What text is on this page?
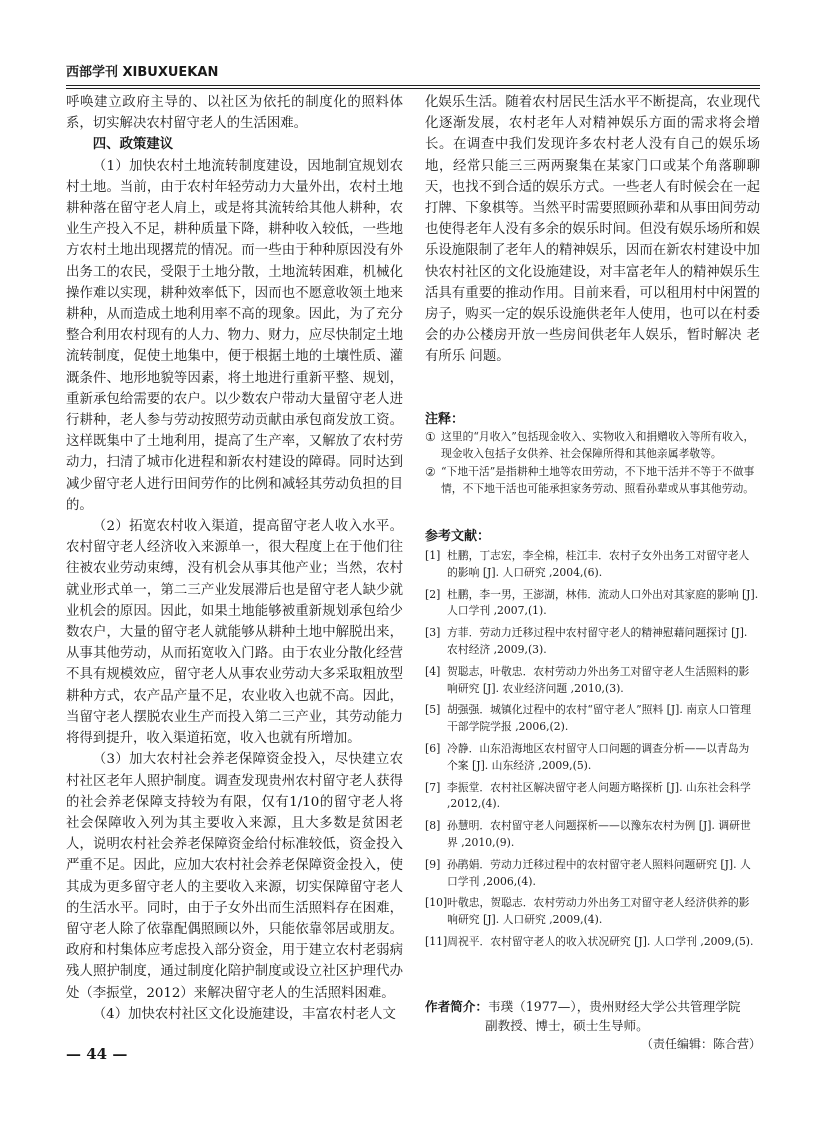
西部学刊 XIBUXUEKAN

呼唤建立政府主导的、以社区为依托的制度化的照料体系，切实解决农村留守老人的生活困难。

四、政策建议

（1）加快农村土地流转制度建设，因地制宜规划农村土地。当前，由于农村年轻劳动力大量外出，农村土地耕种落在留守老人肩上，或是将其流转给其他人耕种，农业生产投入不足，耕种质量下降，耕种收入较低，一些地方农村土地出现撂荒的情况。而一些由于种种原因没有外出务工的农民，受限于土地分散，土地流转困难，机械化操作难以实现，耕种效率低下，因而也不愿意收领土地来耕种，从而造成土地利用率不高的现象。因此，为了充分整合利用农村现有的人力、物力、财力，应尽快制定土地流转制度，促使土地集中，便于根据土地的土壤性质、灌溉条件、地形地貌等因素，将土地进行重新平整、规划，重新承包给需要的农户。以少数农户带动大量留守老人进行耕种，老人参与劳动按照劳动贡献由承包商发放工资。这样既集中了土地利用，提高了生产率，又解放了农村劳动力，扫清了城市化进程和新农村建设的障碍。同时达到减少留守老人进行田间劳作的比例和减轻其劳动负担的目的。

（2）拓宽农村收入渠道，提高留守老人收入水平。农村留守老人经济收入来源单一，很大程度上在于他们往往被农业劳动束缚，没有机会从事其他产业；当然，农村就业形式单一，第二三产业发展滞后也是留守老人缺少就业机会的原因。因此，如果土地能够被重新规划承包给少数农户，大量的留守老人就能够从耕种土地中解脱出来，从事其他劳动，从而拓宽收入门路。由于农业分散化经营不具有规模效应，留守老人从事农业劳动大多采取粗放型耕种方式，农产品产量不足，农业收入也就不高。因此，当留守老人摆脱农业生产而投入第二三产业，其劳动能力将得到提升，收入渠道拓宽，收入也就有所增加。

（3）加大农村社会养老保障资金投入，尽快建立农村社区老年人照护制度。调查发现贵州农村留守老人获得的社会养老保障支持较为有限，仅有1/10的留守老人将社会保障收入列为其主要收入来源，且大多数是贫困老人，说明农村社会养老保障资金给付标准较低，资金投入严重不足。因此，应加大农村社会养老保障资金投入，使其成为更多留守老人的主要收入来源，切实保障留守老人的生活水平。同时，由于子女外出而生活照料存在困难，留守老人除了依靠配偶照顾以外，只能依靠邻居或朋友。政府和村集体应考虑投入部分资金，用于建立农村老弱病残人照护制度，通过制度化陪护制度或设立社区护理代办处（李振堂，2012）来解决留守老人的生活照料困难。

（4）加快农村社区文化设施建设，丰富农村老人文

化娱乐生活。随着农村居民生活水平不断提高，农业现代化逐渐发展，农村老年人对精神娱乐方面的需求将会增长。在调查中我们发现许多农村老人没有自己的娱乐场地，经常只能三三两两聚集在某家门口或某个角落聊聊天，也找不到合适的娱乐方式。一些老人有时候会在一起打牌、下象棋等。当然平时需要照顾孙辈和从事田间劳动也使得老年人没有多余的娱乐时间。但没有娱乐场所和娱乐设施限制了老年人的精神娱乐，因而在新农村建设中加快农村社区的文化设施建设，对丰富老年人的精神娱乐生活具有重要的推动作用。目前来看，可以租用村中闲置的房子，购买一定的娱乐设施供老年人使用，也可以在村委会的办公楼房开放一些房间供老年人娱乐，暂时解决 老有所乐 问题。

注释：
① 这里的“月收入”包括现金收入、实物收入和捐赠收入等所有收入，现金收入包括子女供养、社会保障所得和其他亲属孝敬等。
② “下地干活”是指耕种土地等农田劳动，不下地干活并不等于不做事情，不下地干活也可能承担家务劳动、照看孙辈或从事其他劳动。
参考文献：
[1] 杜鹏，丁志宏，李全棉，桂江丰．农村子女外出务工对留守老人的影响 [J]. 人口研究 ,2004,(6).
[2] 杜鹏，李一男，王澎湖，林伟．流动人口外出对其家庭的影响 [J]. 人口学刊 ,2007,(1).
[3] 方菲．劳动力迁移过程中农村留守老人的精神慰藉问题探讨 [J]. 农村经济 ,2009,(3).
[4] 贺聪志，叶敬忠．农村劳动力外出务工对留守老人生活照料的影响研究 [J]. 农业经济问题 ,2010,(3).
[5] 胡强强．城镇化过程中的农村“留守老人”照料 [J]. 南京人口管理干部学院学报 ,2006,(2).
[6] 冷静．山东沿海地区农村留守人口问题的调查分析——以青岛为个案 [J]. 山东经济 ,2009,(5).
[7] 李振堂．农村社区解决留守老人问题方略探析 [J]. 山东社会科学 ,2012,(4).
[8] 孙慧明．农村留守老人问题探析——以豫东农村为例 [J]. 调研世界 ,2010,(9).
[9] 孙鹃娟．劳动力迁移过程中的农村留守老人照料问题研究 [J]. 人口学刊 ,2006,(4).
[10] 叶敬忠，贺聪志．农村劳动力外出务工对留守老人经济供养的影响研究 [J]. 人口研究 ,2009,(4).
[11] 周祝平．农村留守老人的收入状况研究 [J]. 人口学刊 ,2009,(5).
作者简介：韦璞（1977—），贵州财经大学公共管理学院
副教授、博士，硕士生导师。
（责任编辑：陈合营）
— 44 —
